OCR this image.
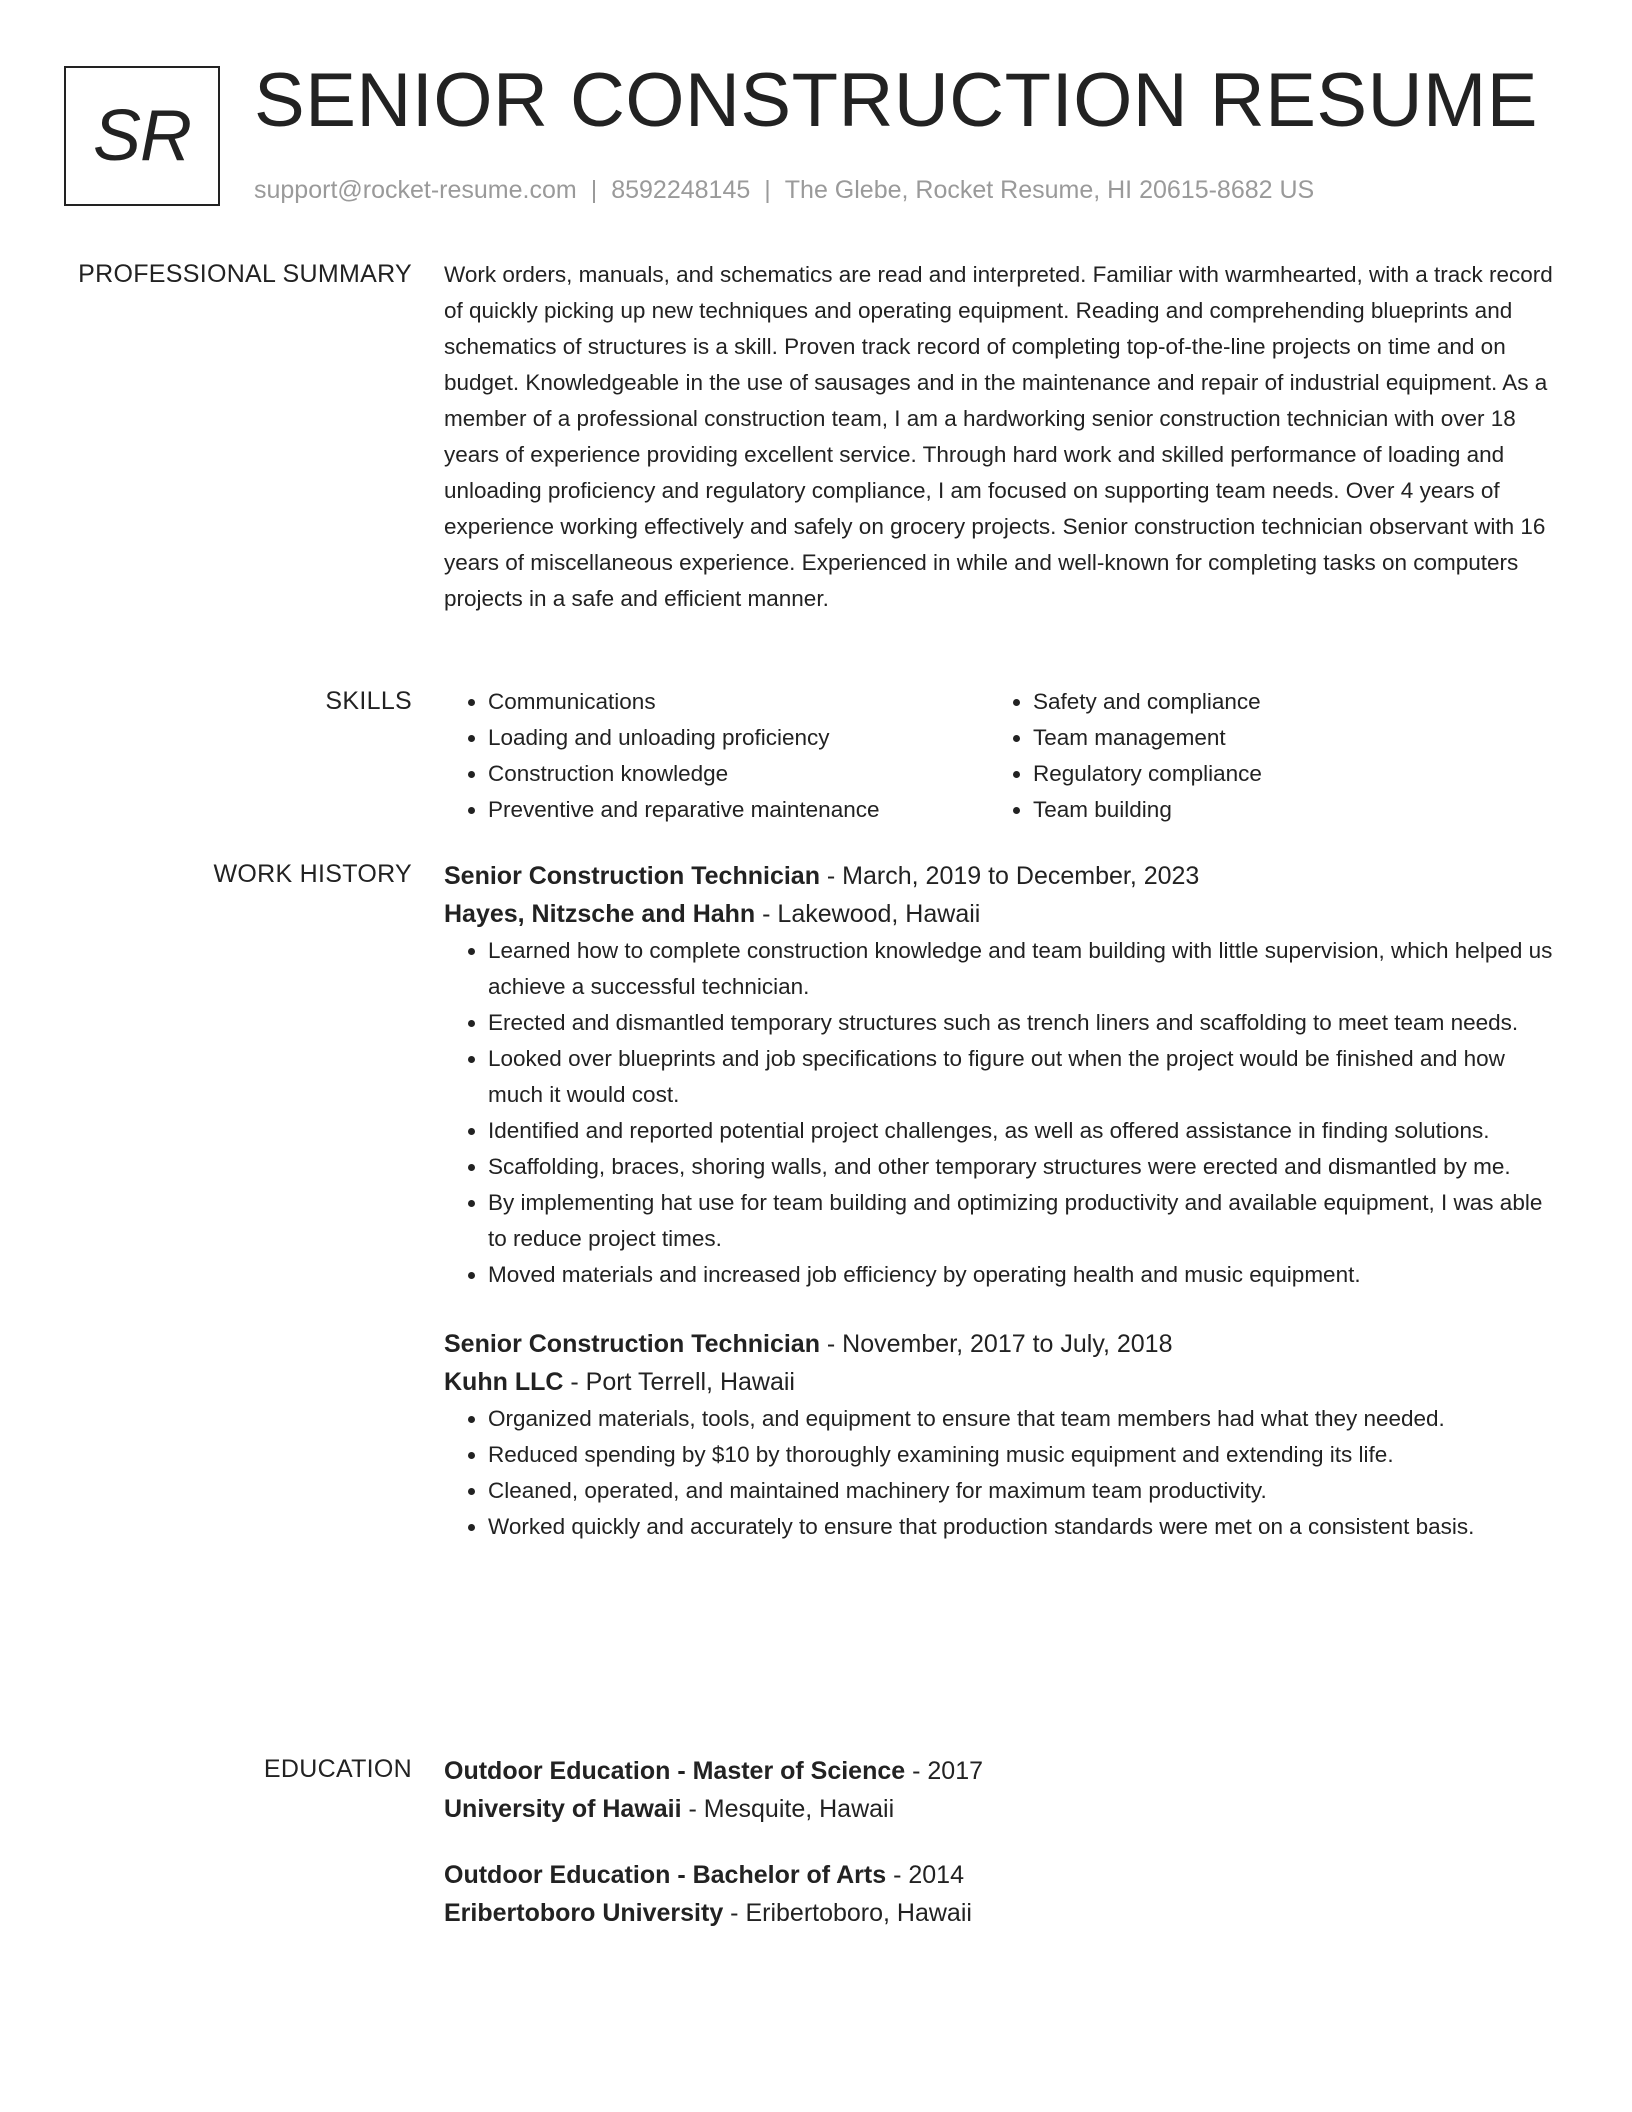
SR SENIOR CONSTRUCTION RESUME
support@rocket-resume.com | 8592248145 | The Glebe, Rocket Resume, HI 20615-8682 US
PROFESSIONAL SUMMARY Work orders, manuals, and schematics are read and interpreted. Familiar with warmhearted, with a track record of quickly picking up new techniques and operating equipment. Reading and comprehending blueprints and schematics of structures is a skill. Proven track record of completing top-of-the-line projects on time and on budget. Knowledgeable in the use of sausages and in the maintenance and repair of industrial equipment. As a member of a professional construction team, I am a hardworking senior construction technician with over 18 years of experience providing excellent service. Through hard work and skilled performance of loading and unloading proficiency and regulatory compliance, I am focused on supporting team needs. Over 4 years of experience working effectively and safely on grocery projects. Senior construction technician observant with 16 years of miscellaneous experience. Experienced in while and well-known for completing tasks on computers projects in a safe and efficient manner.

SKILLS
•	Communications
• Loading and unloading proficiency
• Construction knowledge
• Preventive and reparative maintenance
• Safety and compliance
• Team management
• Regulatory compliance
• Team building
WORK HISTORY Senior Construction Technician - March, 2019 to December, 2023
Hayes, Nitzsche and Hahn - Lakewood, Hawaii
• Learned how to complete construction knowledge and team building with little supervision, which helped us achieve a successful technician.
• Erected and dismantled temporary structures such as trench liners and scaffolding to meet team needs.
• Looked over blueprints and job specifications to figure out when the project would be finished and how much it would cost.
• Identified and reported potential project challenges, as well as offered assistance in finding solutions.
• Scaffolding, braces, shoring walls, and other temporary structures were erected and dismantled by me.
• By implementing hat use for team building and optimizing productivity and available equipment, I was able to reduce project times.
• Moved materials and increased job efficiency by operating health and music equipment.
Senior Construction Technician - November, 2017 to July, 2018
Kuhn LLC - Port Terrell, Hawaii
• Organized materials, tools, and equipment to ensure that team members had what they needed.
• Reduced spending by $10 by thoroughly examining music equipment and extending its life.
• Cleaned, operated, and maintained machinery for maximum team productivity.
• Worked quickly and accurately to ensure that production standards were met on a consistent basis.
EDUCATION Outdoor Education - Master of Science - 2017
University of Hawaii - Mesquite, Hawaii
Outdoor Education - Bachelor of Arts - 2014
Eribertoboro University - Eribertoboro, Hawaii
